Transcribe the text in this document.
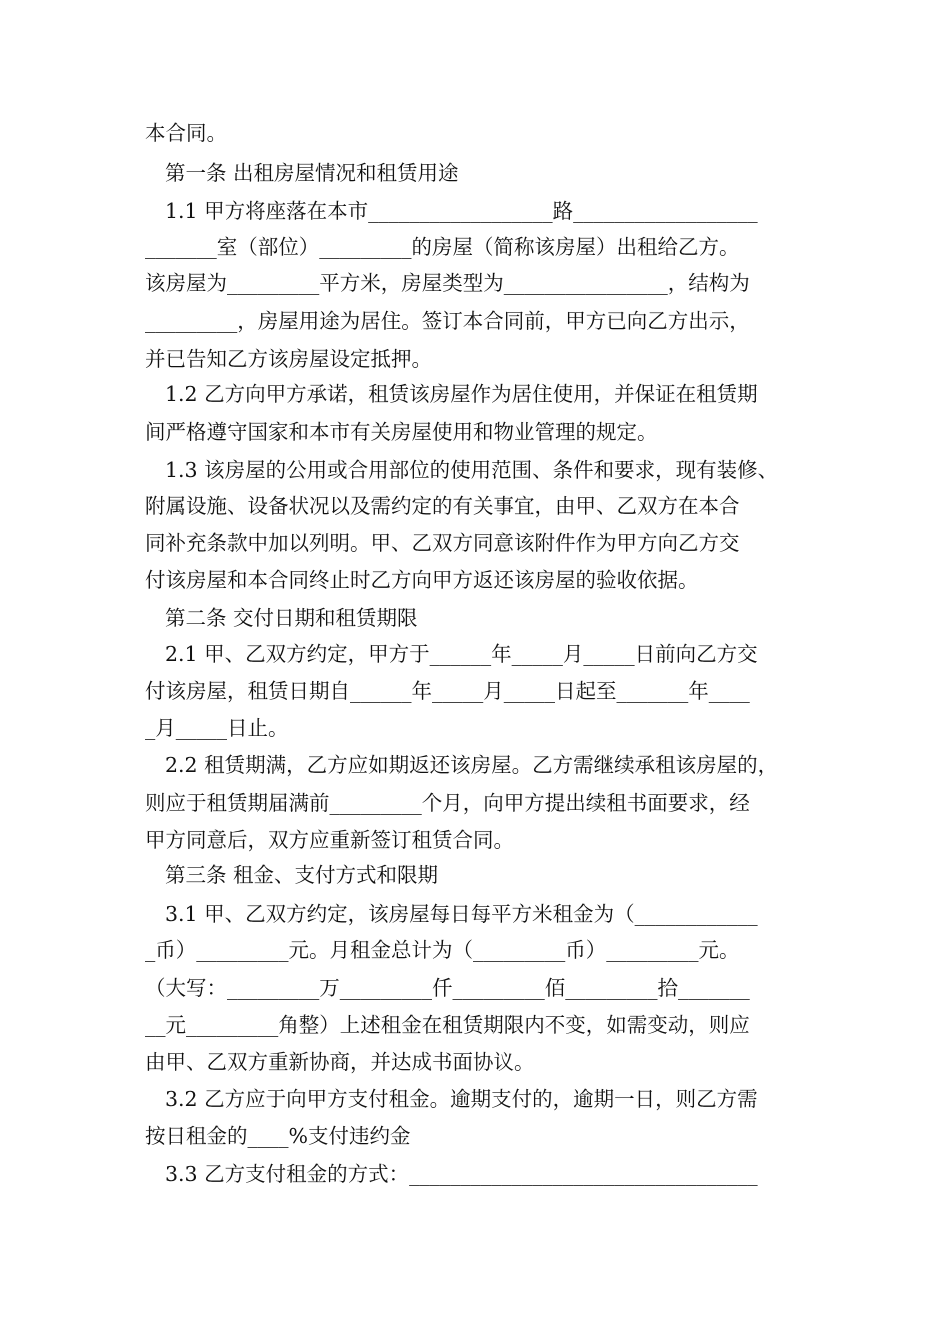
本合同。
第一条 出租房屋情况和租赁用途
1.1 甲方将座落在本市__________________路__________________
_______室（部位）_________的房屋（简称该房屋）出租给乙方。
该房屋为_________平方米，房屋类型为________________，结构为
_________，房屋用途为居住。签订本合同前，甲方已向乙方出示，
并已告知乙方该房屋设定抵押。
1.2 乙方向甲方承诺，租赁该房屋作为居住使用，并保证在租赁期
间严格遵守国家和本市有关房屋使用和物业管理的规定。
1.3 该房屋的公用或合用部位的使用范围、条件和要求，现有装修、
附属设施、设备状况以及需约定的有关事宜，由甲、乙双方在本合
同补充条款中加以列明。甲、乙双方同意该附件作为甲方向乙方交
付该房屋和本合同终止时乙方向甲方返还该房屋的验收依据。
第二条 交付日期和租赁期限
2.1 甲、乙双方约定，甲方于______年_____月_____日前向乙方交
付该房屋，租赁日期自______年_____月_____日起至_______年____
_月_____日止。
2.2 租赁期满，乙方应如期返还该房屋。乙方需继续承租该房屋的，
则应于租赁期届满前_________个月，向甲方提出续租书面要求，经
甲方同意后，双方应重新签订租赁合同。
第三条 租金、支付方式和限期
3.1 甲、乙双方约定，该房屋每日每平方米租金为（____________
_币）_________元。月租金总计为（_________币）_________元。
（大写：_________万_________仟_________佰_________拾_______
__元_________角整）上述租金在租赁期限内不变，如需变动，则应
由甲、乙双方重新协商，并达成书面协议。
3.2 乙方应于向甲方支付租金。逾期支付的，逾期一日，则乙方需
按日租金的____%支付违约金
3.3 乙方支付租金的方式：__________________________________
